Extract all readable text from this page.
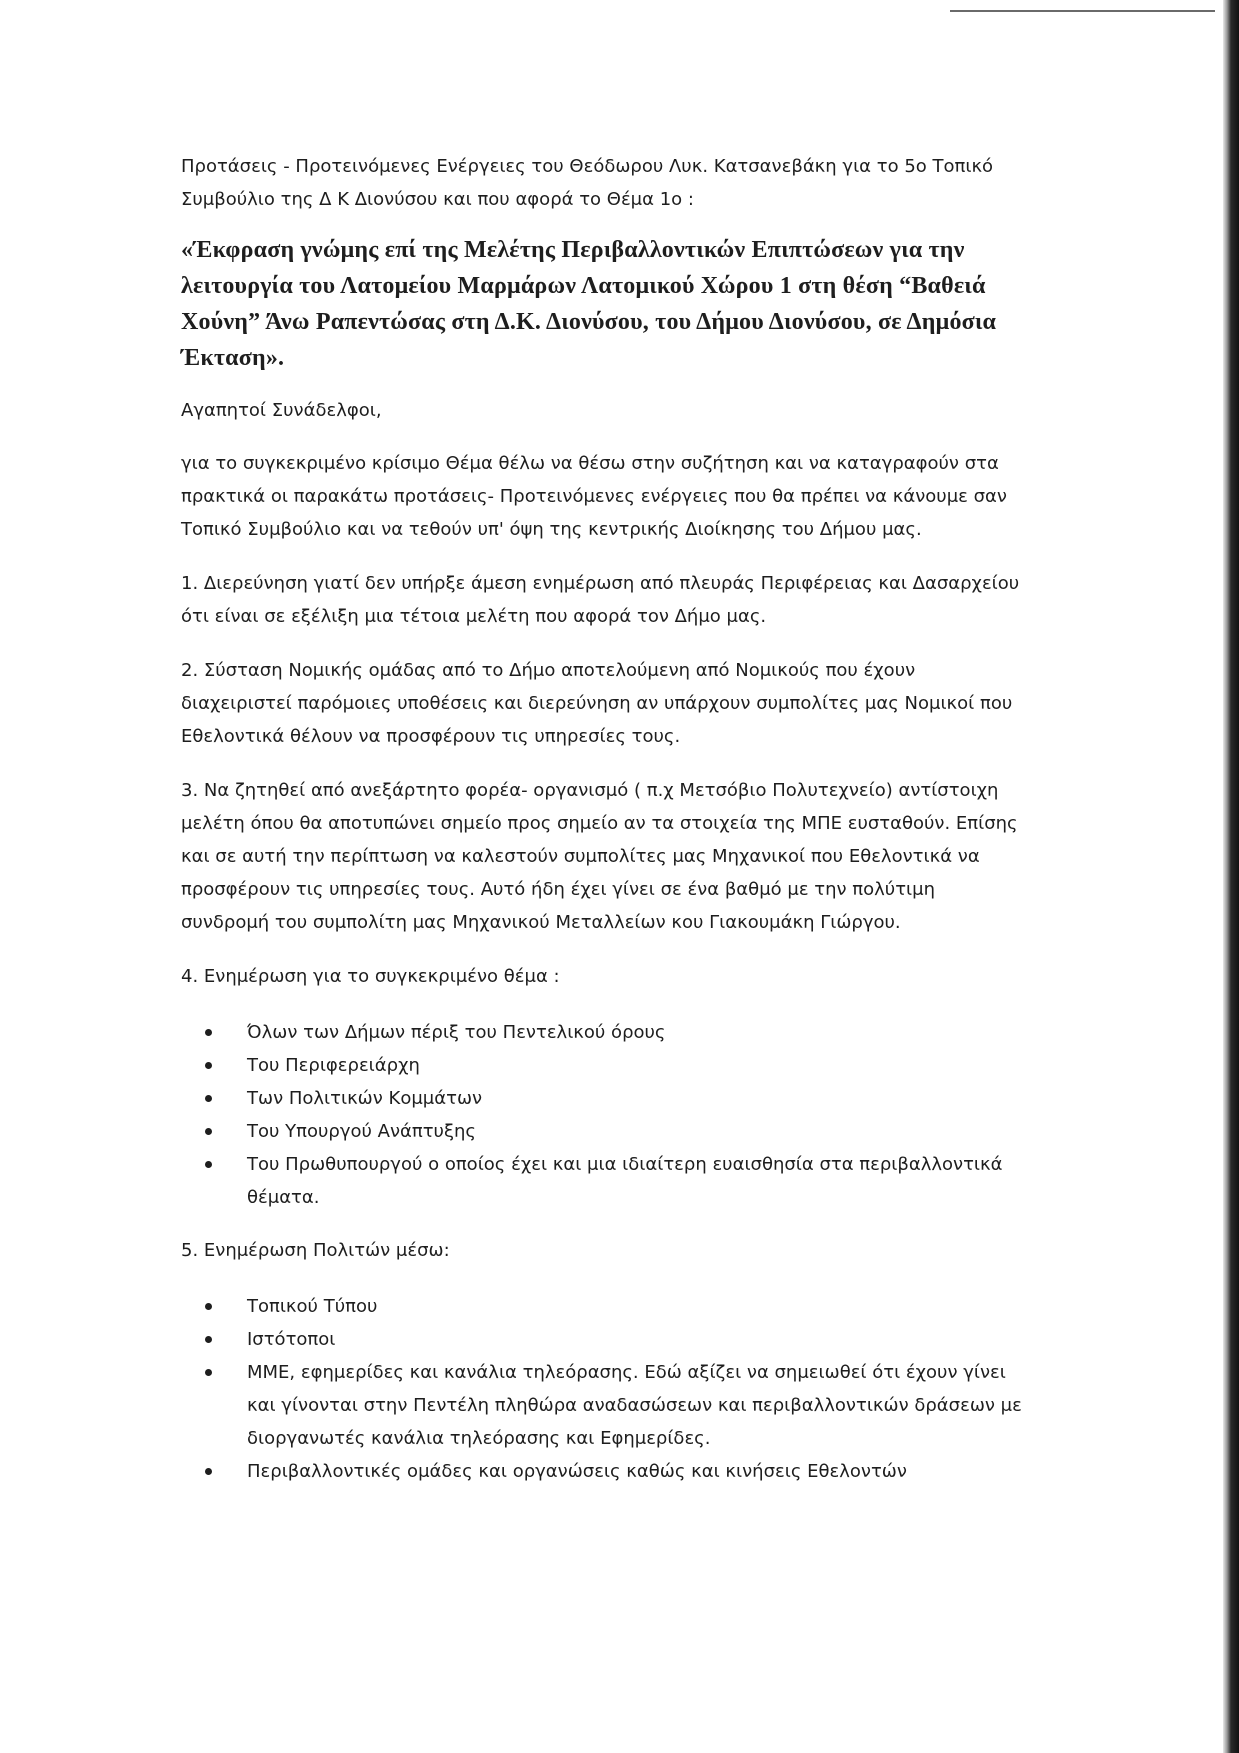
Προτάσεις - Προτεινόμενες Ενέργειες του Θεόδωρου Λυκ. Κατσανεβάκη για το 5ο Τοπικό Συμβούλιο της Δ Κ Διονύσου και που αφορά το Θέμα 1ο :

«Έκφραση γνώμης επί της Μελέτης Περιβαλλοντικών Επιπτώσεων για την λειτουργία του Λατομείου Μαρμάρων Λατομικού Χώρου 1 στη θέση “Βαθειά Χούνη” Άνω Ραπεντώσας στη Δ.Κ. Διονύσου, του Δήμου Διονύσου, σε Δημόσια Έκταση».

Αγαπητοί Συνάδελφοι,

για το συγκεκριμένο κρίσιμο Θέμα θέλω να θέσω στην συζήτηση και να καταγραφούν στα πρακτικά οι παρακάτω προτάσεις- Προτεινόμενες ενέργειες που θα πρέπει να κάνουμε σαν Τοπικό Συμβούλιο και να τεθούν υπ' όψη της κεντρικής Διοίκησης του Δήμου μας.

1. Διερεύνηση γιατί δεν υπήρξε άμεση ενημέρωση από πλευράς Περιφέρειας και Δασαρχείου ότι είναι σε εξέλιξη μια τέτοια μελέτη που αφορά τον Δήμο μας.

2. Σύσταση Νομικής ομάδας από το Δήμο αποτελούμενη από Νομικούς που έχουν διαχειριστεί παρόμοιες υποθέσεις και διερεύνηση αν υπάρχουν συμπολίτες μας Νομικοί που Εθελοντικά θέλουν να προσφέρουν τις υπηρεσίες τους.

3. Να ζητηθεί από ανεξάρτητο φορέα- οργανισμό ( π.χ Μετσόβιο Πολυτεχνείο) αντίστοιχη μελέτη όπου θα αποτυπώνει σημείο προς σημείο αν τα στοιχεία της ΜΠΕ ευσταθούν. Επίσης και σε αυτή την περίπτωση να καλεστούν συμπολίτες μας Μηχανικοί που Εθελοντικά να προσφέρουν τις υπηρεσίες τους. Αυτό ήδη έχει γίνει σε ένα βαθμό με την πολύτιμη συνδρομή του συμπολίτη μας Μηχανικού Μεταλλείων κου Γιακουμάκη Γιώργου.

4. Ενημέρωση για το συγκεκριμένο θέμα :

Όλων των Δήμων πέριξ του Πεντελικού όρους
Του Περιφερειάρχη
Των Πολιτικών Κομμάτων
Του Υπουργού Ανάπτυξης
Του Πρωθυπουργού ο οποίος έχει και μια ιδιαίτερη ευαισθησία στα περιβαλλοντικά θέματα.

5. Ενημέρωση Πολιτών μέσω:

Τοπικού Τύπου
Ιστότοποι
ΜΜΕ, εφημερίδες και κανάλια τηλεόρασης. Εδώ αξίζει να σημειωθεί ότι έχουν γίνει και γίνονται στην Πεντέλη πληθώρα αναδασώσεων και περιβαλλοντικών δράσεων με διοργανωτές κανάλια τηλεόρασης και Εφημερίδες.
Περιβαλλοντικές ομάδες και οργανώσεις καθώς και κινήσεις Εθελοντών
